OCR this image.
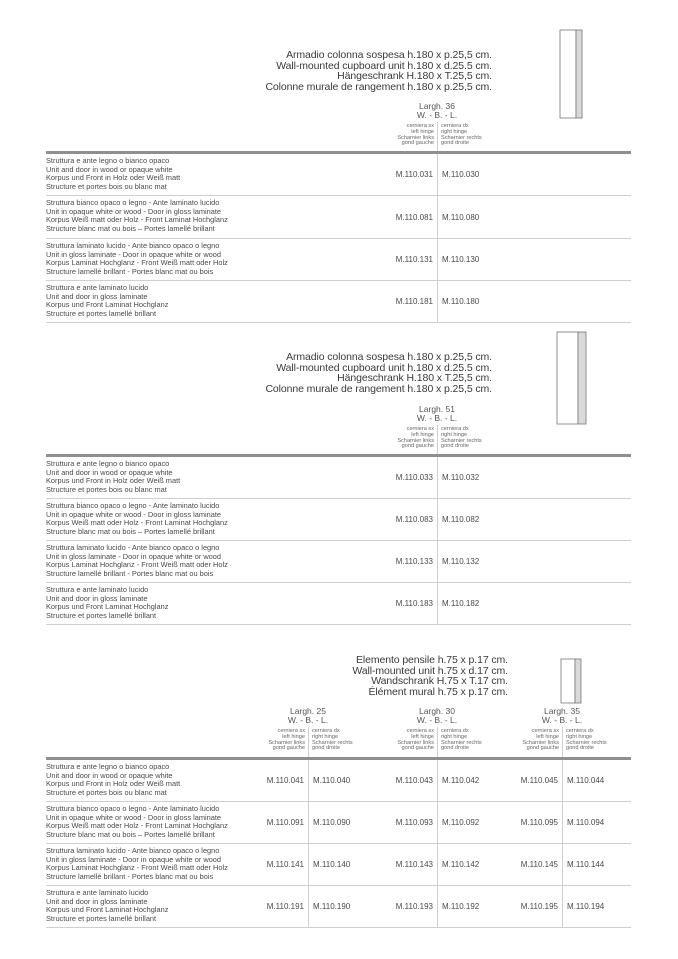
Armadio colonna sospesa h.180 x p.25,5 cm.
Wall-mounted cupboard unit h.180 x d.25.5 cm.
Hängeschrank H.180 x T.25,5 cm.
Colonne murale de rangement h.180 x p.25,5 cm.
Largh. 36
W. - B. - L.
cerniera sx
left hinge
Scharnier links
gond gauche
cerniera dx
right hinge
Scharnier rechts
gond droite
Struttura e ante legno o bianco opaco
Unit and door in wood or opaque white
Korpus und Front in Holz oder Weiß matt
Structure et portes bois ou blanc mat
M.110.031 M.110.030
Struttura bianco opaco o legno - Ante laminato lucido
Unit in opaque white or wood - Door in gloss laminate
Korpus Weiß matt oder Holz - Front Laminat Hochglanz
Structure blanc mat ou bois – Portes lamellé brillant
M.110.081 M.110.080
Struttura laminato lucido - Ante bianco opaco o legno
Unit in gloss laminate - Door in opaque white or wood
Korpus Laminat Hochglanz - Front Weiß matt oder Holz
Structure lamellé brillant - Portes blanc mat ou bois
M.110.131 M.110.130
Struttura e ante laminato lucido
Unit and door in gloss laminate
Korpus und Front Laminat Hochglanz
Structure et portes lamellé brillant
M.110.181 M.110.180
Armadio colonna sospesa h.180 x p.25,5 cm.
Wall-mounted cupboard unit h.180 x d.25.5 cm.
Hängeschrank H.180 x T.25,5 cm.
Colonne murale de rangement h.180 x p.25,5 cm.
Largh. 51
W. - B. - L.
cerniera sx
left hinge
Scharnier links
gond gauche
cerniera dx
right hinge
Scharnier rechts
gond droite
Struttura e ante legno o bianco opaco
Unit and door in wood or opaque white
Korpus und Front in Holz oder Weiß matt
Structure et portes bois ou blanc mat
M.110.033 M.110.032
Struttura bianco opaco o legno - Ante laminato lucido
Unit in opaque white or wood - Door in gloss laminate
Korpus Weiß matt oder Holz - Front Laminat Hochglanz
Structure blanc mat ou bois – Portes lamellé brillant
M.110.083 M.110.082
Struttura laminato lucido - Ante bianco opaco o legno
Unit in gloss laminate - Door in opaque white or wood
Korpus Laminat Hochglanz - Front Weiß matt oder Holz
Structure lamellé brillant - Portes blanc mat ou bois
M.110.133 M.110.132
Struttura e ante laminato lucido
Unit and door in gloss laminate
Korpus und Front Laminat Hochglanz
Structure et portes lamellé brillant
M.110.183 M.110.182
Elemento pensile h.75 x p.17 cm.
Wall-mounted unit h.75 x d.17 cm.
Wandschrank H.75 x T.17 cm.
Élément mural h.75 x p.17 cm.
Largh. 25
W. - B. - L.
cerniera sx
left hinge
Scharnier links
gond gauche
cerniera dx
right hinge
Scharnier rechts
gond droite
Largh. 30
W. - B. - L.
cerniera sx
left hinge
Scharnier links
gond gauche
cerniera dx
right hinge
Scharnier rechts
gond droite
Largh. 35
W. - B. - L.
cerniera sx
left hinge
Scharnier links
gond gauche
cerniera dx
right hinge
Scharnier rechts
gond droite
Struttura e ante legno o bianco opaco
Unit and door in wood or opaque white
Korpus und Front in Holz oder Weiß matt
Structure et portes bois ou blanc mat
M.110.041 M.110.040	M.110.043 M.110.042	M.110.045 M.110.044
Struttura bianco opaco o legno - Ante laminato lucido
Unit in opaque white or wood - Door in gloss laminate
Korpus Weiß matt oder Holz - Front Laminat Hochglanz
Structure blanc mat ou bois – Portes lamellé brillant
M.110.091 M.110.090	M.110.093 M.110.092	M.110.095 M.110.094
Struttura laminato lucido - Ante bianco opaco o legno
Unit in gloss laminate - Door in opaque white or wood
Korpus Laminat Hochglanz - Front Weiß matt oder Holz
Structure lamellé brillant - Portes blanc mat ou bois
M.110.141 M.110.140	M.110.143 M.110.142	M.110.145 M.110.144
Struttura e ante laminato lucido
Unit and door in gloss laminate
Korpus und Front Laminat Hochglanz
Structure et portes lamellé brillant
M.110.191 M.110.190	M.110.193 M.110.192	M.110.195 M.110.194
